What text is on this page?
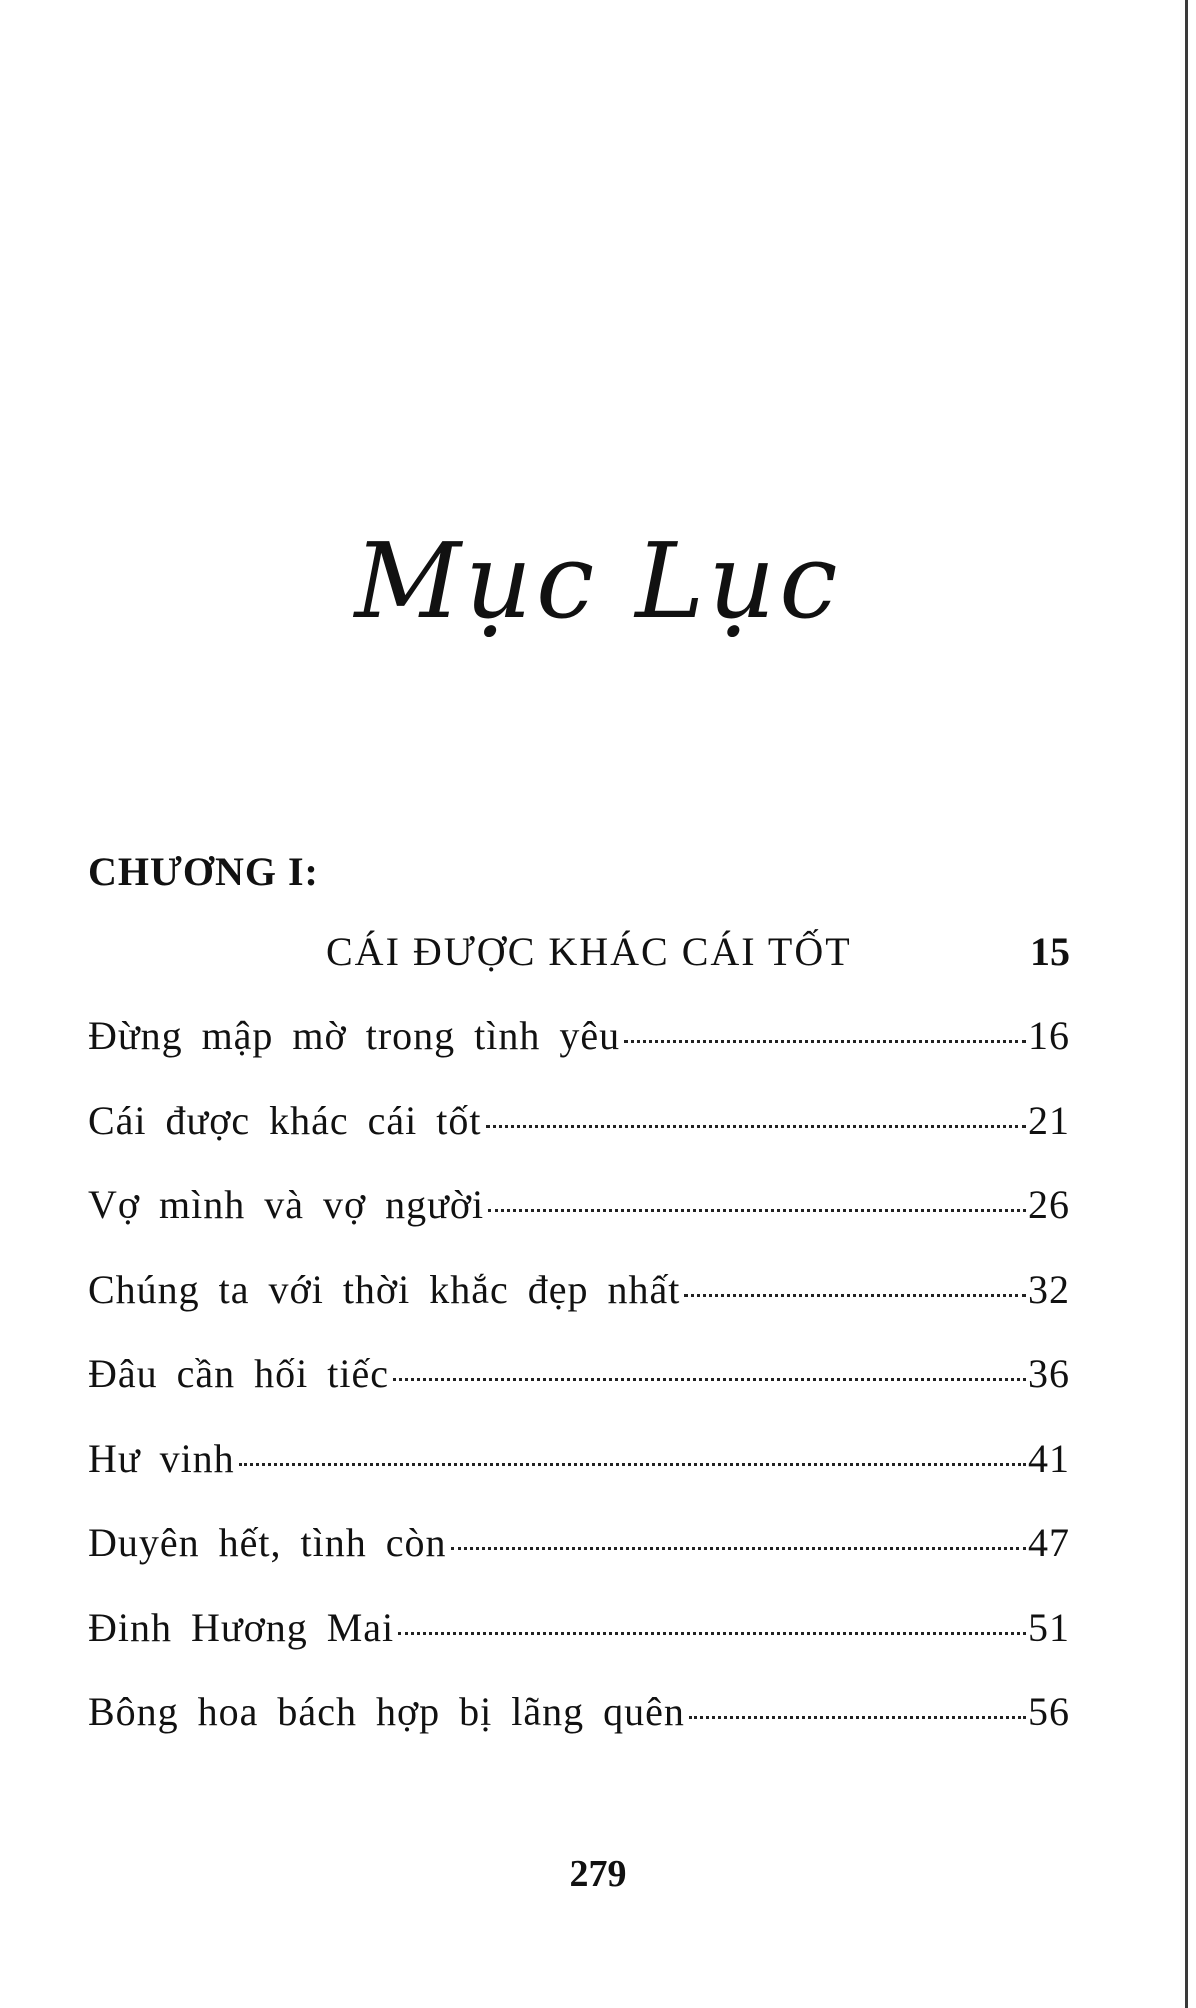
Mục Lục
CHƯƠNG I:
CÁI ĐƯỢC KHÁC CÁI TỐT	15
Đừng mập mờ trong tình yêu	16
Cái được khác cái tốt	21
Vợ mình và vợ người	26
Chúng ta với thời khắc đẹp nhất	32
Đâu cần hối tiếc	36
Hư vinh	41
Duyên hết, tình còn	47
Đinh Hương Mai	51
Bông hoa bách hợp bị lãng quên	56
279
